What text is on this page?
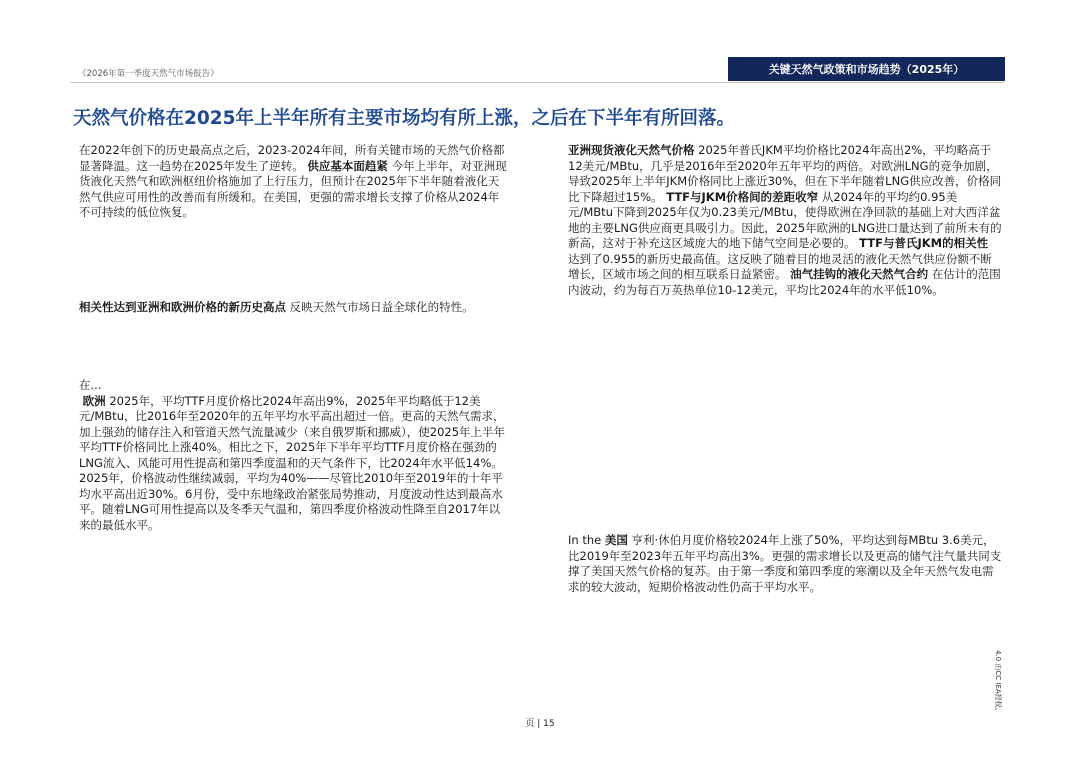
《2026年第一季度天然气市场报告》	关键天然气政策和市场趋势（2025年）
天然气价格在2025年上半年所有主要市场均有所上涨，之后在下半年有所回落。
在2022年创下的历史最高点之后，2023-2024年间，所有关键市场的天然气价格都显著降温。这一趋势在2025年发生了逆转。 供应基本面趋紧 今年上半年，对亚洲现货液化天然气和欧洲枢纽价格施加了上行压力，但预计在2025年下半年随着液化天然气供应可用性的改善而有所缓和。在美国，更强的需求增长支撑了价格从2024年不可持续的低位恢复。
相关性达到亚洲和欧洲价格的新历史高点 反映天然气市场日益全球化的特性。
在...
欧洲 2025年，平均TTF月度价格比2024年高出9%，2025年平均略低于12美元/MBtu，比2016年至2020年的五年平均水平高出超过一倍。更高的天然气需求，加上强劲的储存注入和管道天然气流量减少（来自俄罗斯和挪威），使2025年上半年平均TTF价格同比上涨40%。相比之下，2025年下半年平均TTF月度价格在强劲的LNG流入、风能可用性提高和第四季度温和的天气条件下，比2024年水平低14%。2025年，价格波动性继续减弱，平均为40%——尽管比2010年至2019年的十年平均水平高出近30%。6月份，受中东地缘政治紧张局势推动，月度波动性达到最高水平。随着LNG可用性提高以及冬季天气温和，第四季度价格波动性降至自2017年以来的最低水平。
亚洲现货液化天然气价格 2025年普氏JKM平均价格比2024年高出2%，平均略高于12美元/MBtu，几乎是2016年至2020年五年平均的两倍。对欧洲LNG的竞争加剧，导致2025年上半年JKM价格同比上涨近30%，但在下半年随着LNG供应改善，价格同比下降超过15%。 TTF与JKM价格间的差距收窄 从2024年的平均约0.95美元/MBtu下降到2025年仅为0.23美元/MBtu，使得欧洲在净回款的基础上对大西洋盆地的主要LNG供应商更具吸引力。因此，2025年欧洲的LNG进口量达到了前所未有的新高，这对于补充这区域庞大的地下储气空间是必要的。 TTF与普氏JKM的相关性 达到了0.955的新历史最高值。这反映了随着目的地灵活的液化天然气供应份额不断增长，区域市场之间的相互联系日益紧密。 油气挂钩的液化天然气合约 在估计的范围内波动，约为每百万英热单位10-12美元，平均比2024年的水平低10%。
In the 美国 亨利·休伯月度价格较2024年上涨了50%，平均达到每MBtu 3.6美元，比2019年至2023年五年平均高出3%。更强的需求增长以及更高的储气注气量共同支撑了美国天然气价格的复苏。由于第一季度和第四季度的寒潮以及全年天然气发电需求的较大波动，短期价格波动性仍高于平均水平。
页 | 15
4.0 由CC IEA授权。
